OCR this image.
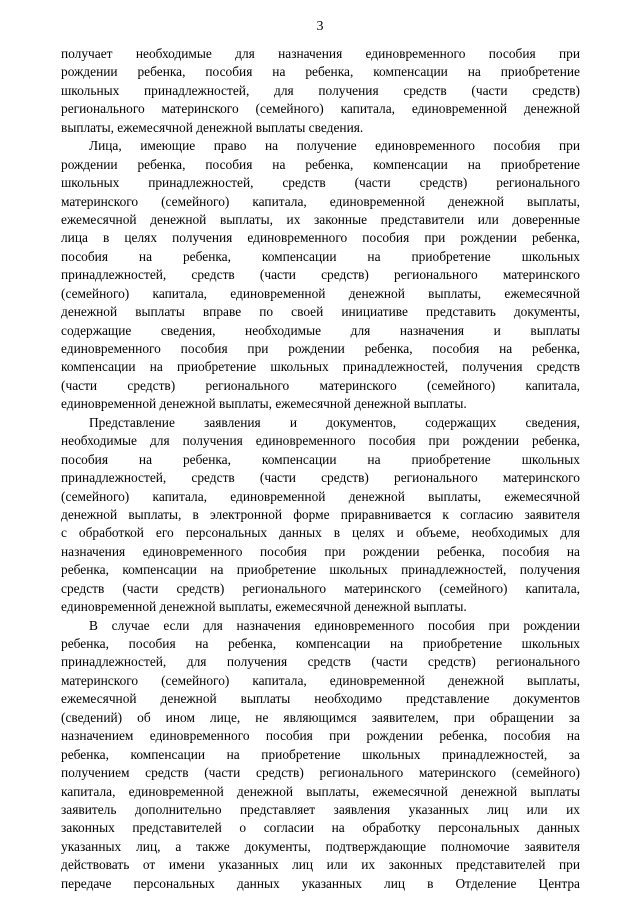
3
получает необходимые для назначения единовременного пособия при
рождении ребенка, пособия на ребенка, компенсации на приобретение
школьных принадлежностей, для получения средств (части средств)
регионального материнского (семейного) капитала, единовременной денежной
выплаты, ежемесячной денежной выплаты сведения.
Лица, имеющие право на получение единовременного пособия при
рождении ребенка, пособия на ребенка, компенсации на приобретение
школьных принадлежностей, средств (части средств) регионального
материнского (семейного) капитала, единовременной денежной выплаты,
ежемесячной денежной выплаты, их законные представители или доверенные
лица в целях получения единовременного пособия при рождении ребенка,
пособия на ребенка, компенсации на приобретение школьных
принадлежностей, средств (части средств) регионального материнского
(семейного) капитала, единовременной денежной выплаты, ежемесячной
денежной выплаты вправе по своей инициативе представить документы,
содержащие сведения, необходимые для назначения и выплаты
единовременного пособия при рождении ребенка, пособия на ребенка,
компенсации на приобретение школьных принадлежностей, получения средств
(части средств) регионального материнского (семейного) капитала,
единовременной денежной выплаты, ежемесячной денежной выплаты.
Представление заявления и документов, содержащих сведения,
необходимые для получения единовременного пособия при рождении ребенка,
пособия на ребенка, компенсации на приобретение школьных
принадлежностей, средств (части средств) регионального материнского
(семейного) капитала, единовременной денежной выплаты, ежемесячной
денежной выплаты, в электронной форме приравнивается к согласию заявителя
с обработкой его персональных данных в целях и объеме, необходимых для
назначения единовременного пособия при рождении ребенка, пособия на
ребенка, компенсации на приобретение школьных принадлежностей, получения
средств (части средств) регионального материнского (семейного) капитала,
единовременной денежной выплаты, ежемесячной денежной выплаты.
В случае если для назначения единовременного пособия при рождении
ребенка, пособия на ребенка, компенсации на приобретение школьных
принадлежностей, для получения средств (части средств) регионального
материнского (семейного) капитала, единовременной денежной выплаты,
ежемесячной денежной выплаты необходимо представление документов
(сведений) об ином лице, не являющимся заявителем, при обращении за
назначением единовременного пособия при рождении ребенка, пособия на
ребенка, компенсации на приобретение школьных принадлежностей, за
получением средств (части средств) регионального материнского (семейного)
капитала, единовременной денежной выплаты, ежемесячной денежной выплаты
заявитель дополнительно представляет заявления указанных лиц или их
законных представителей о согласии на обработку персональных данных
указанных лиц, а также документы, подтверждающие полномочие заявителя
действовать от имени указанных лиц или их законных представителей при
передаче персональных данных указанных лиц в Отделение Центра
